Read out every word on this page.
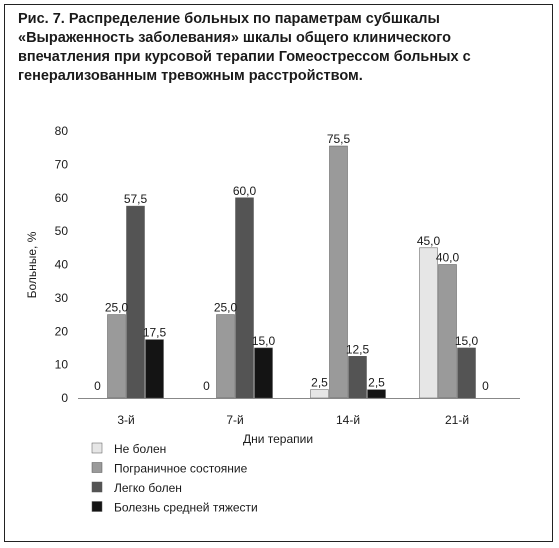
Рис. 7. Распределение больных по параметрам субшкалы «Выраженность заболевания» шкалы общего клинического впечатления при курсовой терапии Гомеострессом больных с генерализованным тревожным расстройством.

0
10
20
30
40
50
60
70
80
Больные, %
0
25,0
57,5
17,5
0
25,0
60,0
15,0
2,5
75,5
12,5
2,5
45,0
40,0
15,0
0
3-й	7-й	14-й	21-й
Дни терапии
Не болен
Пограничное состояние
Легко болен
Болезнь средней тяжести
